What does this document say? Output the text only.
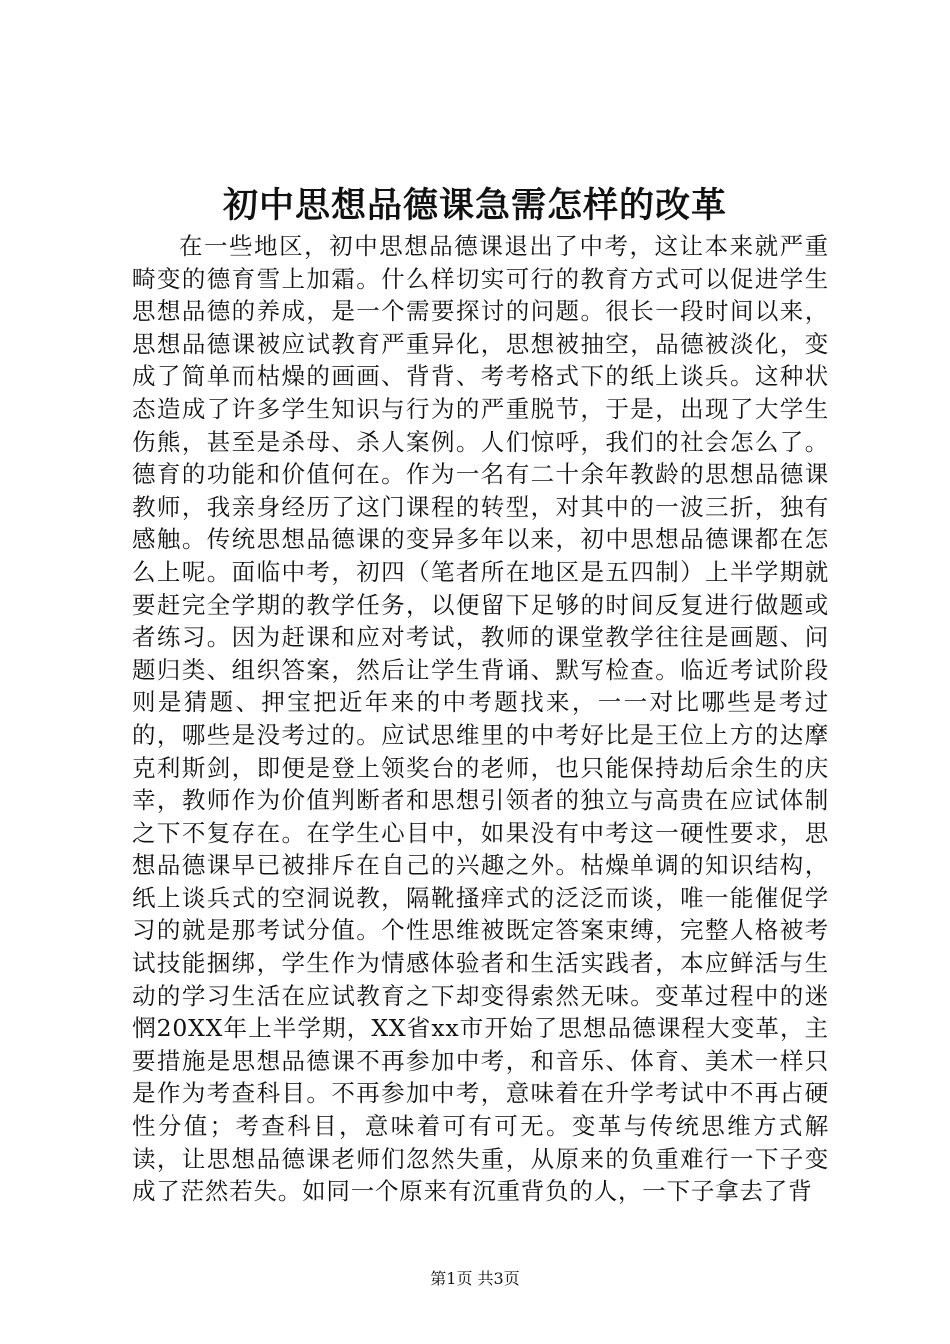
初中思想品德课急需怎样的改革

在一些地区，初中思想品德课退出了中考，这让本来就严重畸变的德育雪上加霜。什么样切实可行的教育方式可以促进学生思想品德的养成，是一个需要探讨的问题。很长一段时间以来，思想品德课被应试教育严重异化，思想被抽空，品德被淡化，变成了简单而枯燥的画画、背背、考考格式下的纸上谈兵。这种状态造成了许多学生知识与行为的严重脱节，于是，出现了大学生伤熊，甚至是杀母、杀人案例。人们惊呼，我们的社会怎么了。德育的功能和价值何在。作为一名有二十余年教龄的思想品德课教师，我亲身经历了这门课程的转型，对其中的一波三折，独有感触。传统思想品德课的变异多年以来，初中思想品德课都在怎么上呢。面临中考，初四（笔者所在地区是五四制）上半学期就要赶完全学期的教学任务，以便留下足够的时间反复进行做题或者练习。因为赶课和应对考试，教师的课堂教学往往是画题、问题归类、组织答案，然后让学生背诵、默写检查。临近考试阶段则是猜题、押宝把近年来的中考题找来，一一对比哪些是考过的，哪些是没考过的。应试思维里的中考好比是王位上方的达摩克利斯剑，即便是登上领奖台的老师，也只能保持劫后余生的庆幸，教师作为价值判断者和思想引领者的独立与高贵在应试体制之下不复存在。在学生心目中，如果没有中考这一硬性要求，思想品德课早已被排斥在自己的兴趣之外。枯燥单调的知识结构，纸上谈兵式的空洞说教，隔靴搔痒式的泛泛而谈，唯一能催促学习的就是那考试分值。个性思维被既定答案束缚，完整人格被考试技能捆绑，学生作为情感体验者和生活实践者，本应鲜活与生动的学习生活在应试教育之下却变得索然无味。变革过程中的迷惘20XX年上半学期，XX省xx市开始了思想品德课程大变革，主要措施是思想品德课不再参加中考，和音乐、体育、美术一样只是作为考查科目。不再参加中考，意味着在升学考试中不再占硬性分值；考查科目，意味着可有可无。变革与传统思维方式解读，让思想品德课老师们忽然失重，从原来的负重难行一下子变成了茫然若失。如同一个原来有沉重背负的人，一下子拿去了背

第1页 共3页
